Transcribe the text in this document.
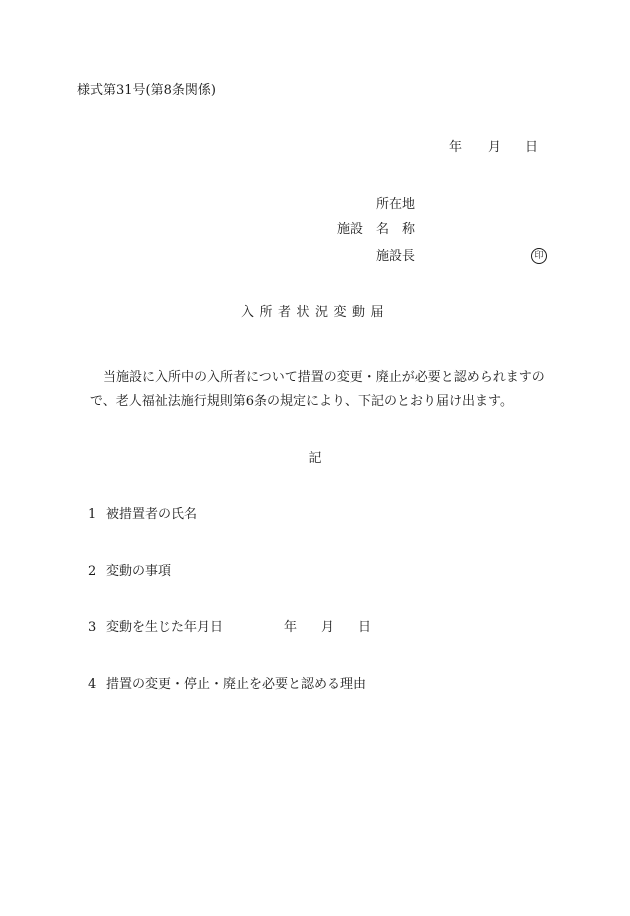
様式第31号(第8条関係)
年 月 日
所在地
施設　名　称
施設長	印
入所者状況変動届
当施設に入所中の入所者について措置の変更・廃止が必要と認められますので、老人福祉法施行規則第6条の規定により、下記のとおり届け出ます。
記
1 被措置者の氏名
2 変動の事項
3 変動を生じた年月日	年 月 日
4 措置の変更・停止・廃止を必要と認める理由
